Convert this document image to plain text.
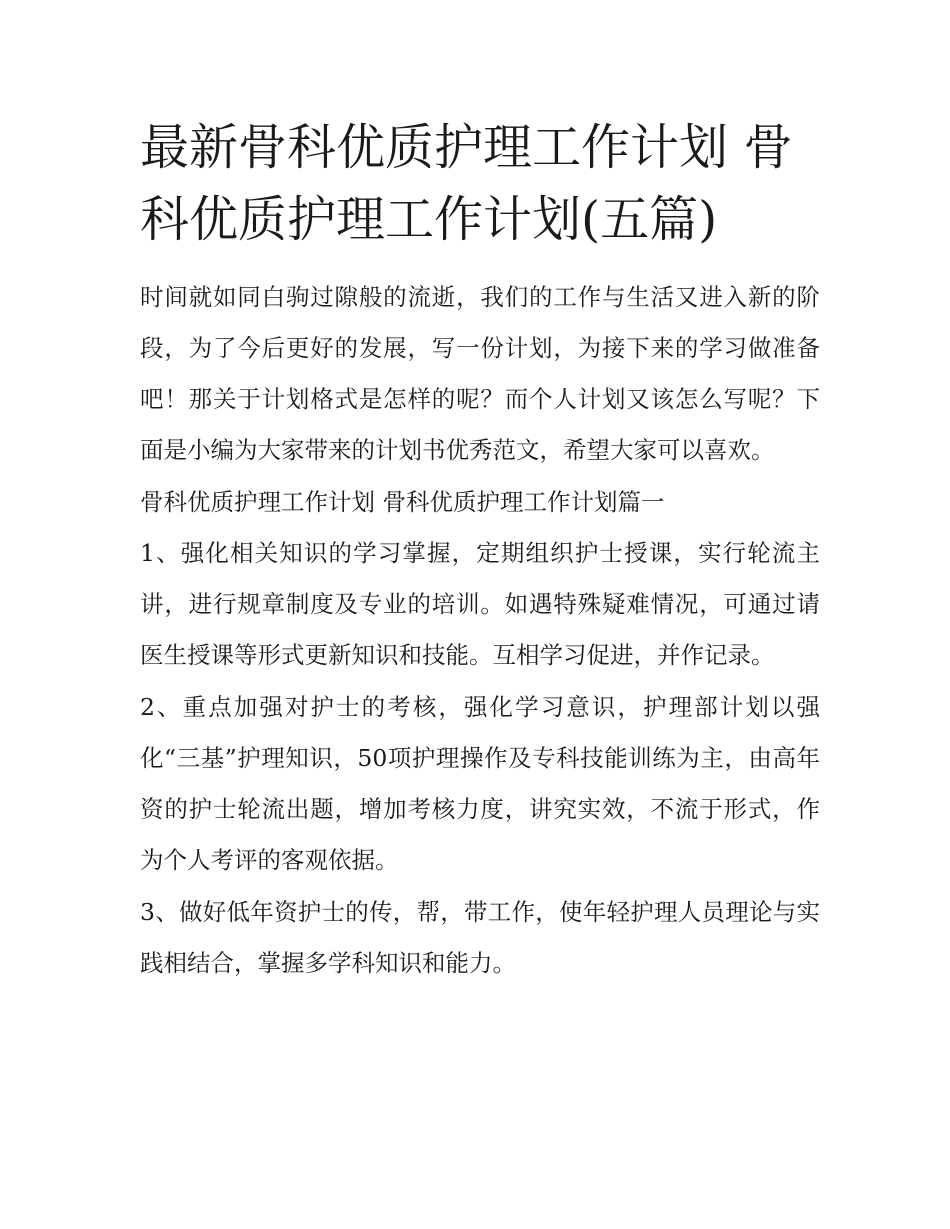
最新骨科优质护理工作计划 骨科优质护理工作计划(五篇)

时间就如同白驹过隙般的流逝，我们的工作与生活又进入新的阶段，为了今后更好的发展，写一份计划，为接下来的学习做准备吧！那关于计划格式是怎样的呢？而个人计划又该怎么写呢？下面是小编为大家带来的计划书优秀范文，希望大家可以喜欢。

骨科优质护理工作计划 骨科优质护理工作计划篇一

1、强化相关知识的学习掌握，定期组织护士授课，实行轮流主讲，进行规章制度及专业的培训。如遇特殊疑难情况，可通过请医生授课等形式更新知识和技能。互相学习促进，并作记录。

2、重点加强对护士的考核，强化学习意识，护理部计划以强化“三基”护理知识，50项护理操作及专科技能训练为主，由高年资的护士轮流出题，增加考核力度，讲究实效，不流于形式，作为个人考评的客观依据。

3、做好低年资护士的传，帮，带工作，使年轻护理人员理论与实践相结合，掌握多学科知识和能力。
